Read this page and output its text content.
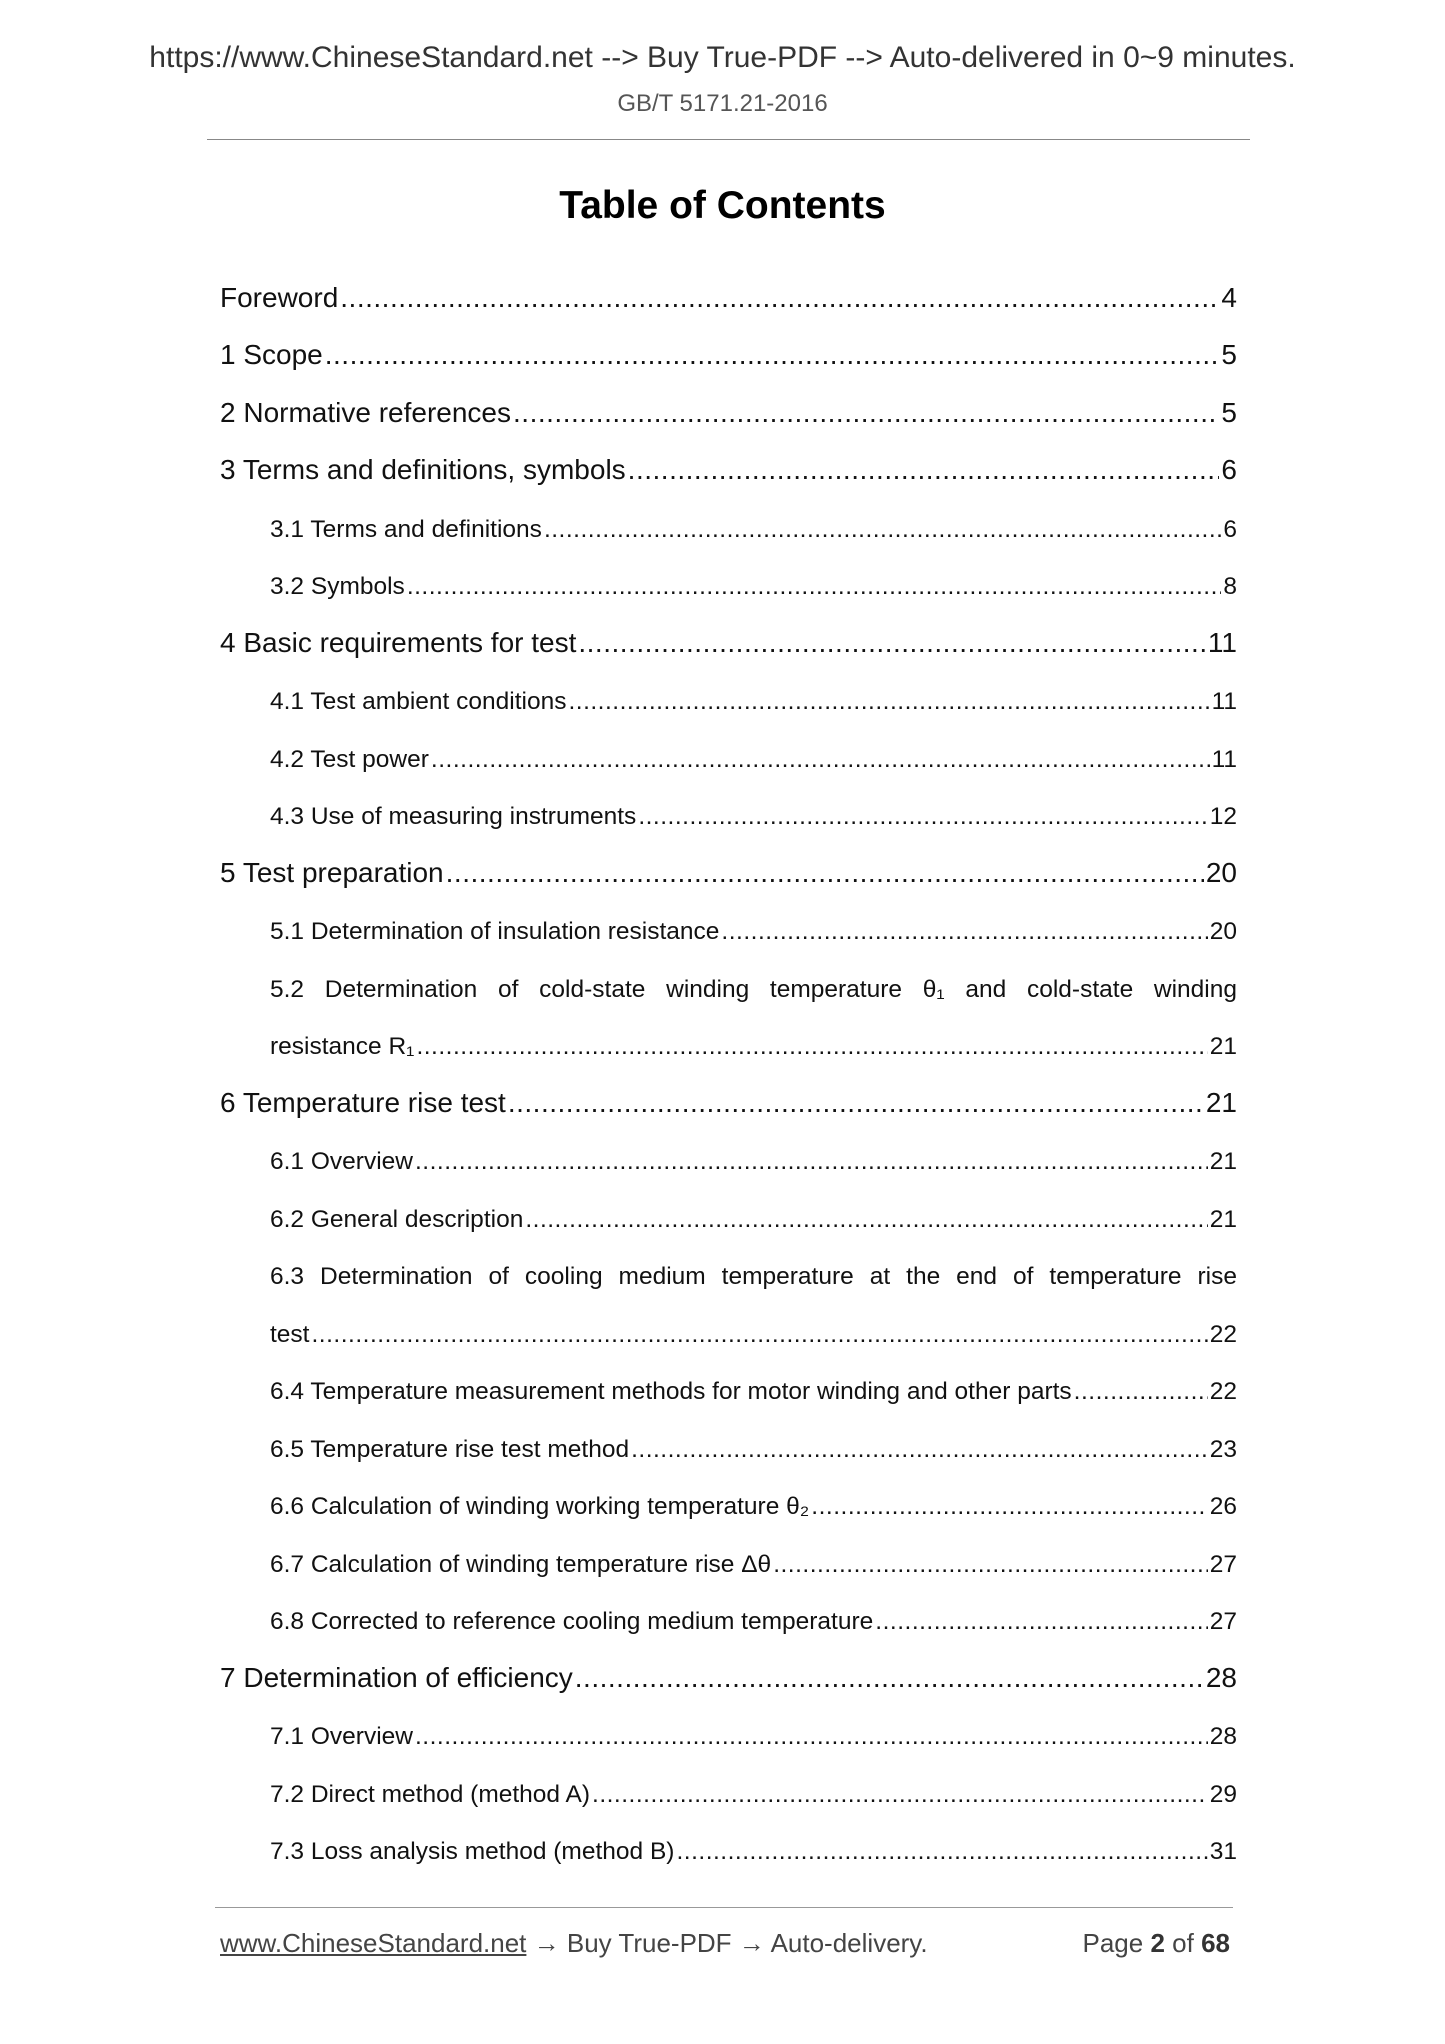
https://www.ChineseStandard.net --> Buy True-PDF --> Auto-delivered in 0~9 minutes.
GB/T 5171.21-2016
Table of Contents
Foreword .....	4
1 Scope .....	5
2 Normative references .....	5
3 Terms and definitions, symbols .....	6
3.1 Terms and definitions .....	6
3.2 Symbols .....	8
4 Basic requirements for test .....	11
4.1 Test ambient conditions .....	11
4.2 Test power .....	11
4.3 Use of measuring instruments .....	12
5 Test preparation .....	20
5.1 Determination of insulation resistance .....	20
5.2 Determination of cold-state winding temperature θ₁ and cold-state winding
resistance R₁ .....	21
6 Temperature rise test .....	21
6.1 Overview .....	21
6.2 General description .....	21
6.3 Determination of cooling medium temperature at the end of temperature rise
test .....	22
6.4 Temperature measurement methods for motor winding and other parts .....	22
6.5 Temperature rise test method .....	23
6.6 Calculation of winding working temperature θ₂ .....	26
6.7 Calculation of winding temperature rise Δθ .....	27
6.8 Corrected to reference cooling medium temperature .....	27
7 Determination of efficiency .....	28
7.1 Overview .....	28
7.2 Direct method (method A) .....	29
7.3 Loss analysis method (method B) .....	31
www.ChineseStandard.net → Buy True-PDF → Auto-delivery.	Page 2 of 68
